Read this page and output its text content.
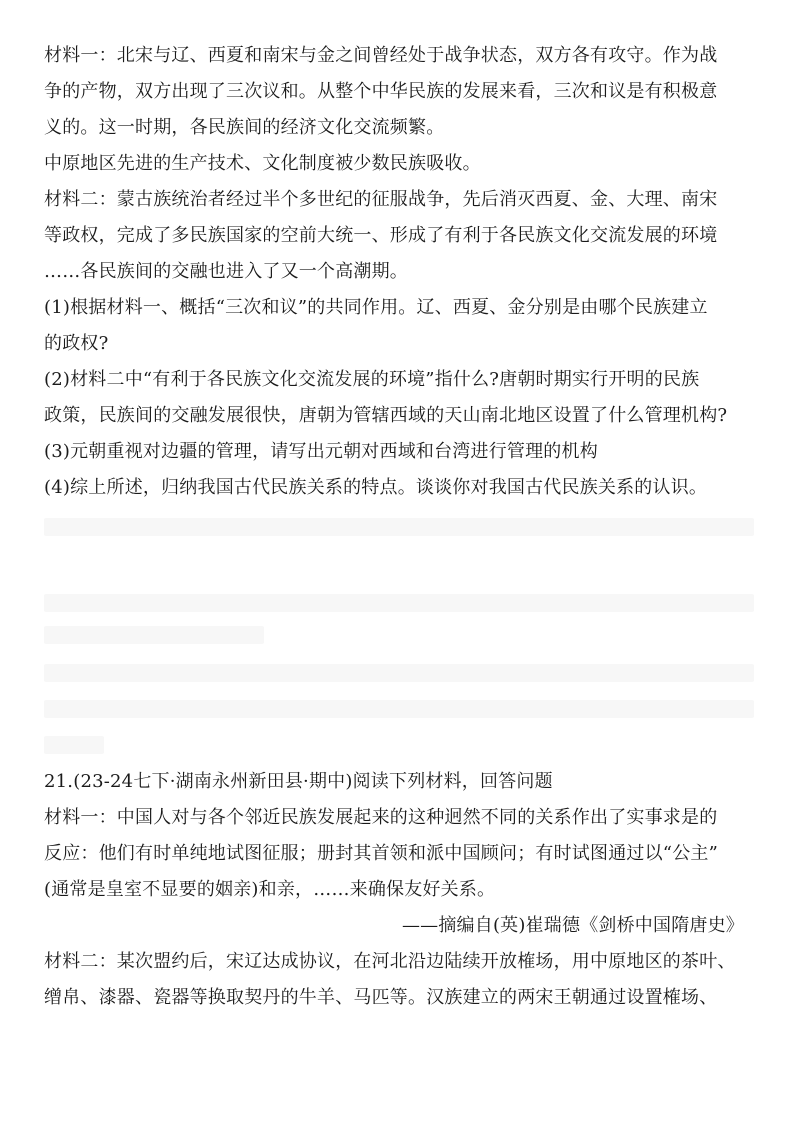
材料一：北宋与辽、西夏和南宋与金之间曾经处于战争状态，双方各有攻守。作为战
争的产物，双方出现了三次议和。从整个中华民族的发展来看，三次和议是有积极意
义的。这一时期，各民族间的经济文化交流频繁。
中原地区先进的生产技术、文化制度被少数民族吸收。
材料二：蒙古族统治者经过半个多世纪的征服战争，先后消灭西夏、金、大理、南宋
等政权，完成了多民族国家的空前大统一、形成了有利于各民族文化交流发展的环境
……各民族间的交融也进入了又一个高潮期。
(1)根据材料一、概括“三次和议”的共同作用。辽、西夏、金分别是由哪个民族建立
的政权?
(2)材料二中“有利于各民族文化交流发展的环境”指什么?唐朝时期实行开明的民族
政策，民族间的交融发展很快，唐朝为管辖西域的天山南北地区设置了什么管理机构?
(3)元朝重视对边疆的管理，请写出元朝对西域和台湾进行管理的机构
(4)综上所述，归纳我国古代民族关系的特点。谈谈你对我国古代民族关系的认识。
21.(23-24七下·湖南永州新田县·期中)阅读下列材料，回答问题
材料一：中国人对与各个邻近民族发展起来的这种迥然不同的关系作出了实事求是的
反应：他们有时单纯地试图征服；册封其首领和派中国顾问；有时试图通过以“公主”
(通常是皇室不显要的姻亲)和亲，……来确保友好关系。
——摘编自(英)崔瑞德《剑桥中国隋唐史》
材料二：某次盟约后，宋辽达成协议，在河北沿边陆续开放榷场，用中原地区的茶叶、
缯帛、漆器、瓷器等换取契丹的牛羊、马匹等。汉族建立的两宋王朝通过设置榷场、
